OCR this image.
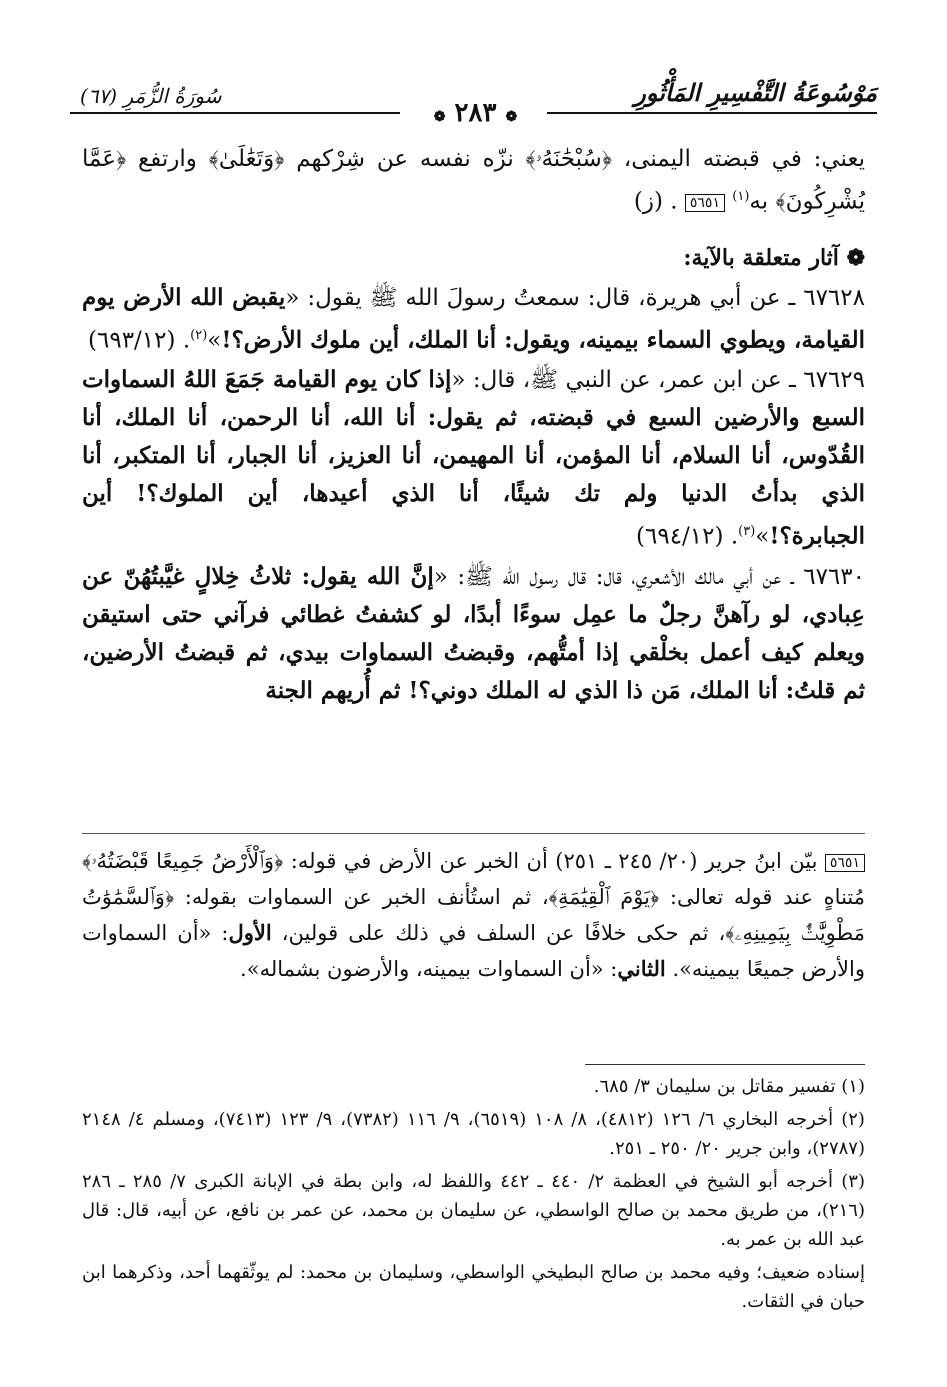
سُورَةُ الزُّمَرِ (٦٧)	مَوْسُوعَةُ التَّفْسِيرِ المَأْثُورِ
❁ ٢٨٣ ❁

يعني: في قبضته اليمنى، ﴿سُبْحَٰنَهُۥ﴾ نزّه نفسه عن شِرْكهم ﴿وَتَعَٰلَىٰ﴾ وارتفع ﴿عَمَّا يُشْرِكُونَ﴾ به$^{(١)}$ ٥٦٥١ . (ز)

❁ آثار متعلقة بالآية:

٦٧٦٢٨ ـ عن أبي هريرة، قال: سمعتُ رسولَ الله ﷺ يقول: «يقبض الله الأرض يوم القيامة، ويطوي السماء بيمينه، ويقول: أنا الملك، أين ملوك الأرض؟!»$^{(٢)}$. (٦٩٣/١٢)

٦٧٦٢٩ ـ عن ابن عمر، عن النبي ﷺ، قال: «إذا كان يوم القيامة جَمَعَ اللهُ السماوات السبع والأرضين السبع في قبضته، ثم يقول: أنا الله، أنا الرحمن، أنا الملك، أنا القُدّوس، أنا السلام، أنا المؤمن، أنا المهيمن، أنا العزيز، أنا الجبار، أنا المتكبر، أنا الذي بدأتُ الدنيا ولم تك شيئًا، أنا الذي أعيدها، أين الملوك؟! أين الجبابرة؟!»$^{(٣)}$. (٦٩٤/١٢)

٦٧٦٣٠ ـ عن أبي مالك الأشعري، قال: قال رسول الله ﷺ: «إنَّ الله يقول: ثلاثُ خِلالٍ غيَّبتُهُنّ عن عِبادي، لو رآهنَّ رجلٌ ما عمِل سوءًا أبدًا، لو كشفتُ غطائي فرآني حتى استيقن ويعلم كيف أعمل بخلْقي إذا أمتُّهم، وقبضتُ السماوات بيدي، ثم قبضتُ الأرضين، ثم قلتُ: أنا الملك، مَن ذا الذي له الملك دوني؟! ثم أُريهم الجنة

٥٦٥١ بيّن ابنُ جرير (٢٠/ ٢٤٥ ـ ٢٥١) أن الخبر عن الأرض في قوله: ﴿وَٱلْأَرْضُ جَمِيعًا قَبْضَتُهُۥ﴾ مُتناهٍ عند قوله تعالى: ﴿يَوْمَ ٱلْقِيَٰمَةِ﴾، ثم استُأنف الخبر عن السماوات بقوله: ﴿وَٱلسَّمَٰوَٰتُ مَطْوِيَّٰتٌۢ بِيَمِينِهِۦ﴾، ثم حكى خلافًا عن السلف في ذلك على قولين، الأول: «أن السماوات والأرض جميعًا بيمينه». الثاني: «أن السماوات بيمينه، والأرضون بشماله».

(١) تفسير مقاتل بن سليمان ٣/ ٦٨٥.

(٢) أخرجه البخاري ٦/ ١٢٦ (٤٨١٢)، ٨/ ١٠٨ (٦٥١٩)، ٩/ ١١٦ (٧٣٨٢)، ٩/ ١٢٣ (٧٤١٣)، ومسلم ٤/ ٢١٤٨ (٢٧٨٧)، وابن جرير ٢٠/ ٢٥٠ ـ ٢٥١.

(٣) أخرجه أبو الشيخ في العظمة ٢/ ٤٤٠ ـ ٤٤٢ واللفظ له، وابن بطة في الإبانة الكبرى ٧/ ٢٨٥ ـ ٢٨٦ (٢١٦)، من طريق محمد بن صالح الواسطي، عن سليمان بن محمد، عن عمر بن نافع، عن أبيه، قال: قال عبد الله بن عمر به.

إسناده ضعيف؛ وفيه محمد بن صالح البطيخي الواسطي، وسليمان بن محمد: لم يوثّقهما أحد، وذكرهما ابن حبان في الثقات.
